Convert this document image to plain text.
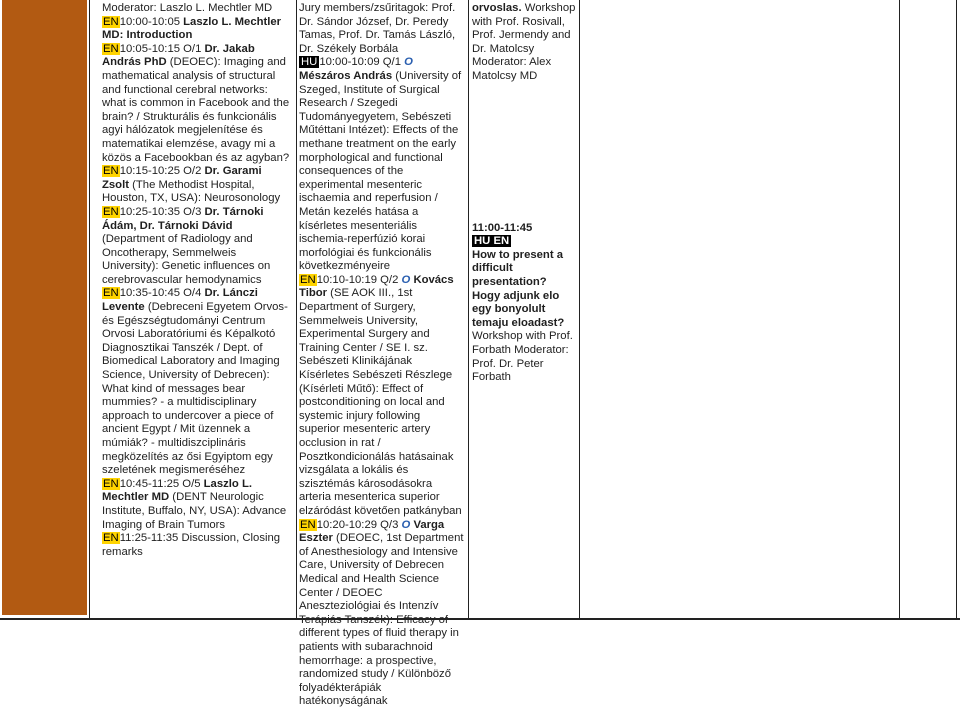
Moderator: Laszlo L. Mechtler MD
EN10:00-10:05 Laszlo L. Mechtler MD: Introduction
EN10:05-10:15 O/1 Dr. Jakab András PhD (DEOEC): Imaging and mathematical analysis of structural and functional cerebral networks: what is common in Facebook and the brain? / Strukturális és funkcionális agyi hálózatok megjelenítése és matematikai elemzése, avagy mi a közös a Facebookban és az agyban?
EN10:15-10:25 O/2 Dr. Garami Zsolt (The Methodist Hospital, Houston, TX, USA): Neurosonology
EN10:25-10:35 O/3 Dr. Tárnoki Ádám, Dr. Tárnoki Dávid (Department of Radiology and Oncotherapy, Semmelweis University): Genetic influences on cerebrovascular hemodynamics
EN10:35-10:45 O/4 Dr. Lánczi Levente (Debreceni Egyetem Orvos- és Egészségtudományi Centrum Orvosi Laboratóriumi és Képalkotó Diagnosztikai Tanszék / Dept. of Biomedical Laboratory and Imaging Science, University of Debrecen): What kind of messages bear mummies? - a multidisciplinary approach to undercover a piece of ancient Egypt / Mit üzennek a múmiák? - multidiszciplináris megközelítés az ősi Egyiptom egy szeletének megismeréséhez
EN10:45-11:25 O/5 Laszlo L. Mechtler MD (DENT Neurologic Institute, Buffalo, NY, USA): Advance Imaging of Brain Tumors
EN11:25-11:35 Discussion, Closing remarks
Jury members/zsűritagok: Prof. Dr. Sándor József, Dr. Peredy Tamas, Prof. Dr. Tamás László, Dr. Székely Borbála
HU 10:00-10:09 Q/1 O Mészáros András (University of Szeged, Institute of Surgical Research / Szegedi Tudományegyetem, Sebészeti Műtéttani Intézet): Effects of the methane treatment on the early morphological and functional consequences of the experimental mesenteric ischaemia and reperfusion / Metán kezelés hatása a kísérletes mesenteriális ischemia-reperfúzió korai morfológiai és funkcionális következményeire
EN10:10-10:19 Q/2 O Kovács Tibor (SE AOK III., 1st Department of Surgery, Semmelweis University, Experimental Surgery and Training Center / SE I. sz. Sebészeti Klinikájának Kísérletes Sebészeti Részlege (Kísérleti Műtő): Effect of postconditioning on local and systemic injury following superior mesenteric artery occlusion in rat / Posztkondicionálás hatásainak vizsgálata a lokális és szisztémás károsodásokra arteria mesenterica superior elzáródást követően patkányban
EN10:20-10:29 Q/3 O Varga Eszter (DEOEC, 1st Department of Anesthesiology and Intensive Care, University of Debrecen Medical and Health Science Center / DEOEC Aneszteziológiai és Intenzív different types of fluid therapy in patients with subarachnoid hemorrhage: a prospective, randomized study / Különböző folyadékterápiák hatékonyságának
orvoslas. Workshop with Prof. Rosivall, Prof. Jermendy and Dr. Matolcsy Moderator: Alex Matolcsy MD
11:00-11:45
HU EN
How to present a difficult presentation? Hogy adjunk elo egy bonyolult temaju eloadast? Workshop with Prof. Forbath Moderator: Prof. Dr. Peter Forbath
